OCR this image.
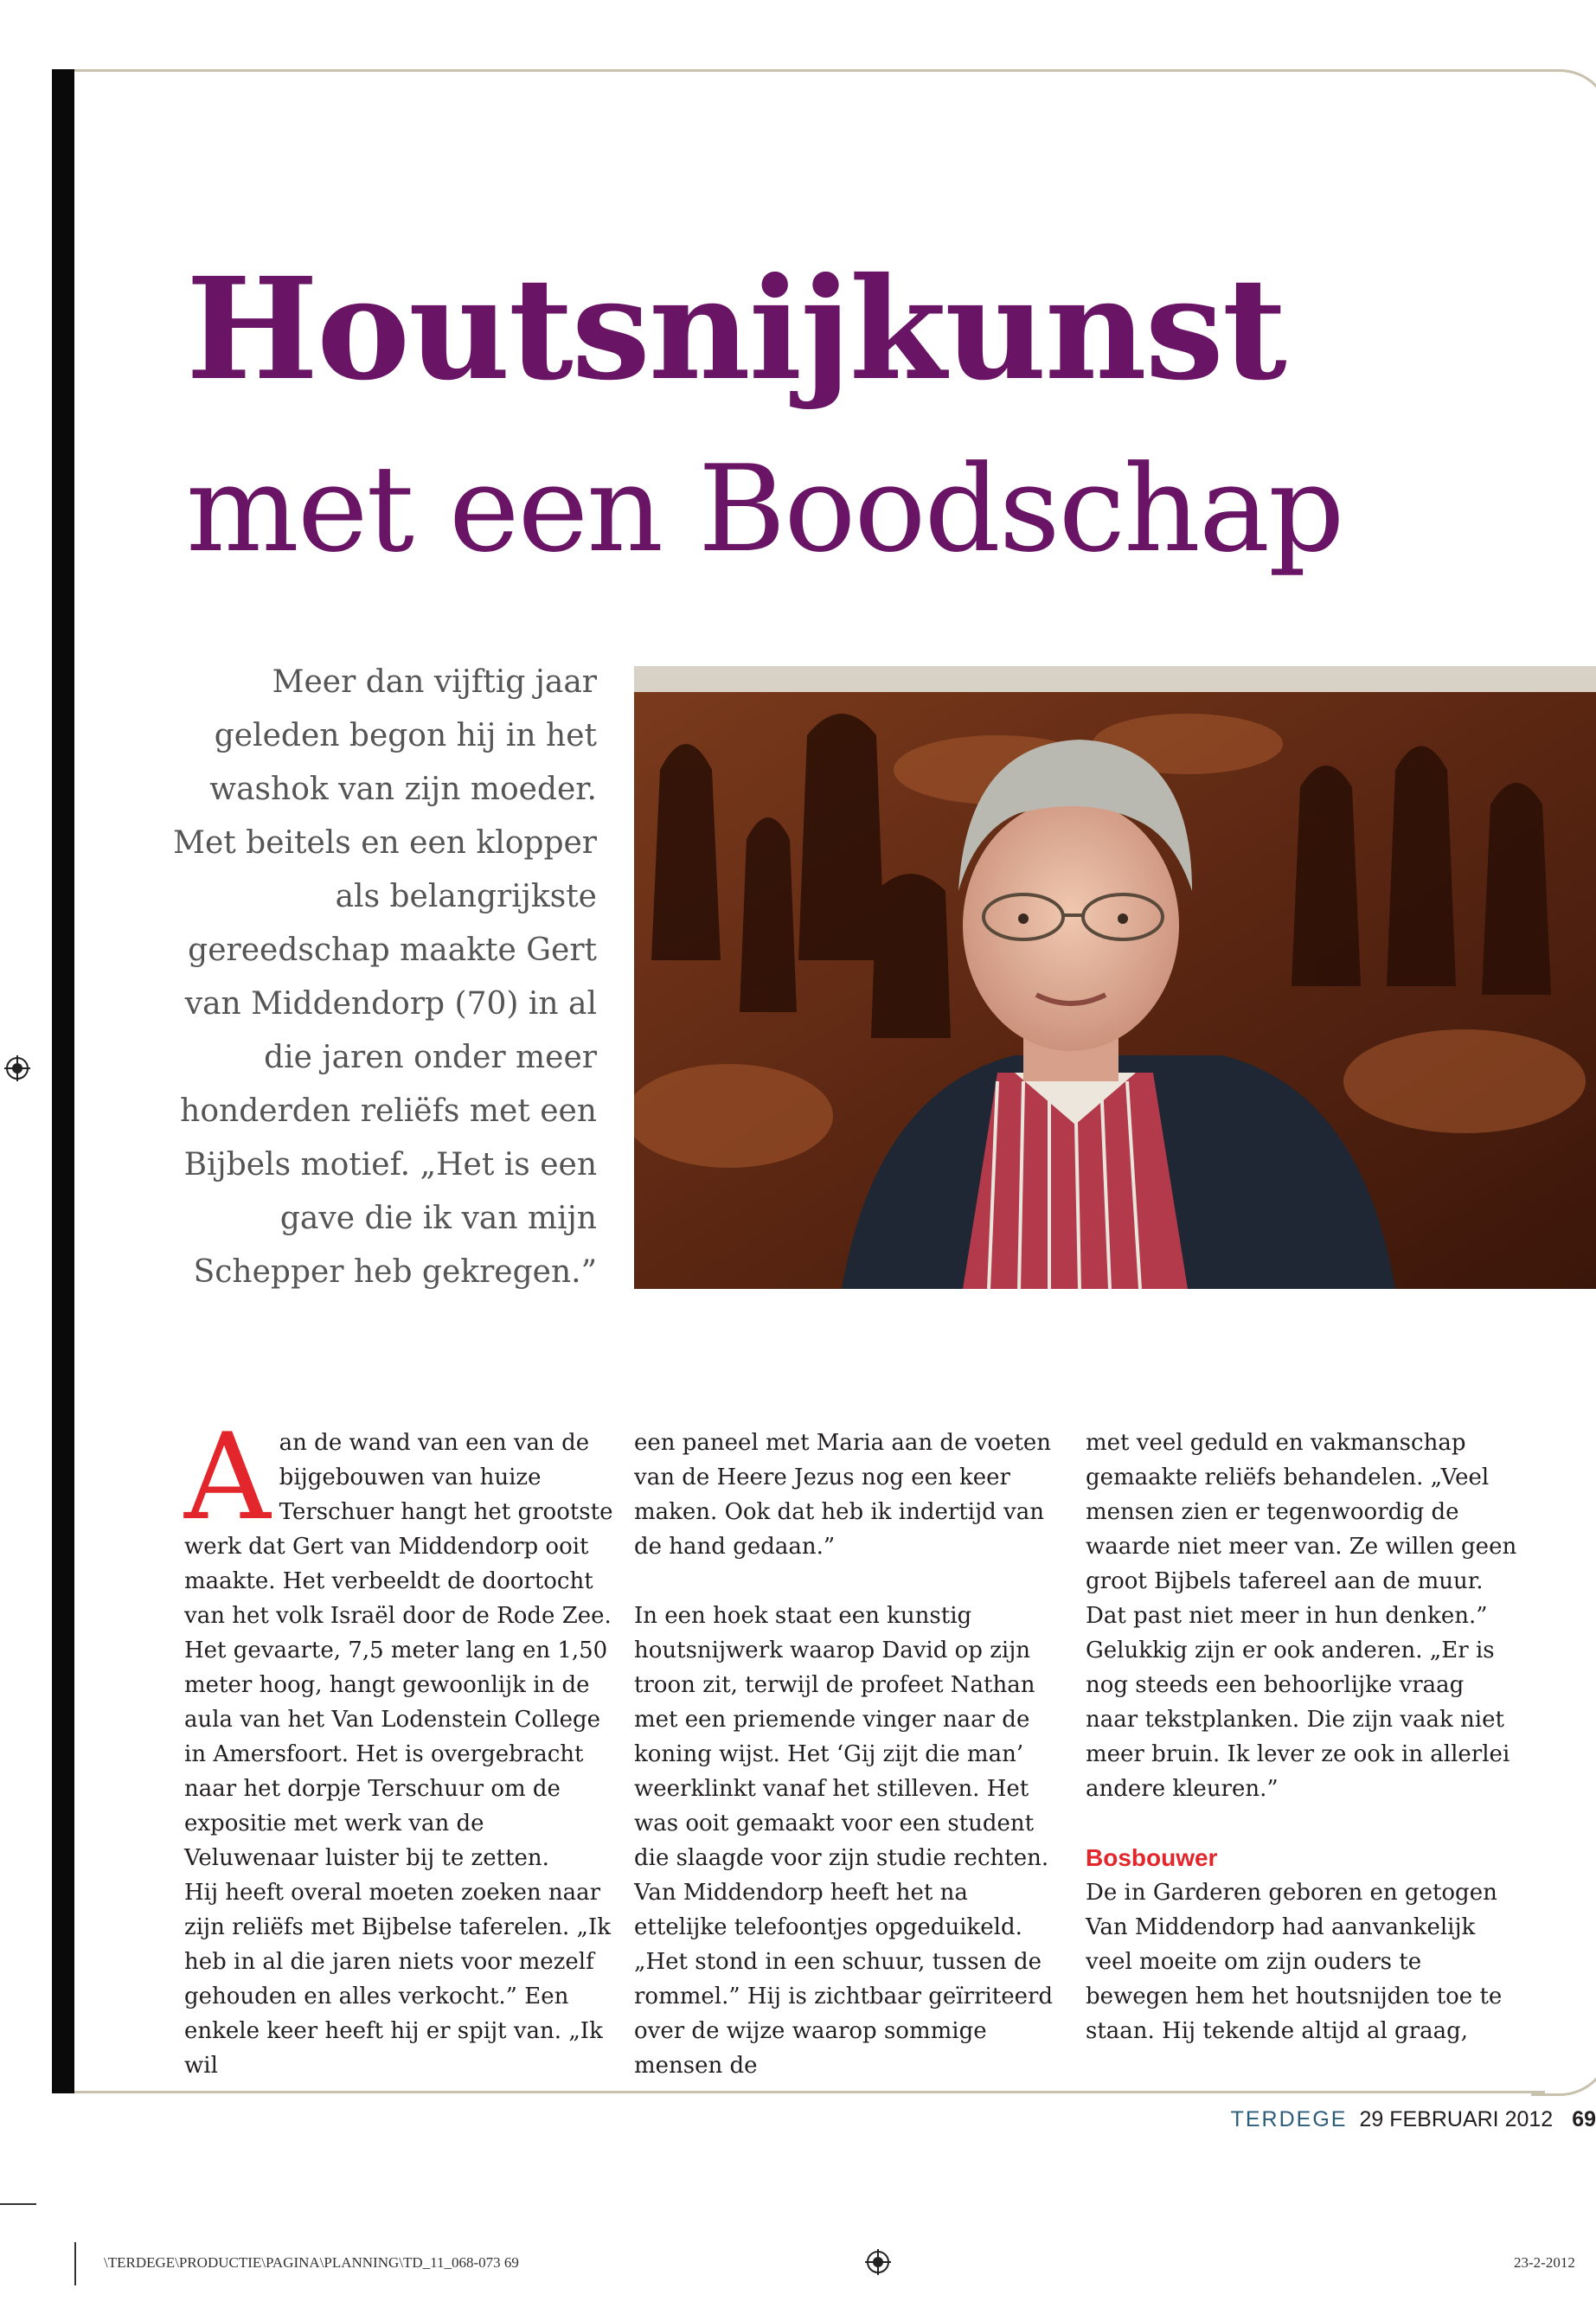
Houtsnijkunst
met een Boodschap
Meer dan vijftig jaar geleden begon hij in het washok van zijn moeder. Met beitels en een klopper als belangrijkste gereedschap maakte Gert van Middendorp (70) in al die jaren onder meer honderden reliëfs met een Bijbels motief. „Het is een gave die ik van mijn Schepper heb gekregen.”

Aan de wand van een van de bijgebouwen van huize Terschuer hangt het grootste werk dat Gert van Middendorp ooit maakte. Het verbeeldt de doortocht van het volk Israël door de Rode Zee. Het gevaarte, 7,5 meter lang en 1,50 meter hoog, hangt gewoonlijk in de aula van het Van Lodenstein College in Amersfoort. Het is overgebracht naar het dorpje Terschuur om de expositie met werk van de Veluwenaar luister bij te zetten.

Hij heeft overal moeten zoeken naar zijn reliëfs met Bijbelse taferelen. „Ik heb in al die jaren niets voor mezelf gehouden en alles verkocht.” Een enkele keer heeft hij er spijt van. „Ik wil

een paneel met Maria aan de voeten van de Heere Jezus nog een keer maken. Ook dat heb ik indertijd van de hand gedaan.”

In een hoek staat een kunstig houtsnijwerk waarop David op zijn troon zit, terwijl de profeet Nathan met een priemende vinger naar de koning wijst. Het ‘Gij zijt die man’ weerklinkt vanaf het stilleven. Het was ooit gemaakt voor een student die slaagde voor zijn studie rechten. Van Middendorp heeft het na ettelijke telefoontjes opgeduikeld. „Het stond in een schuur, tussen de rommel.” Hij is zichtbaar geïrriteerd over de wijze waarop sommige mensen de

met veel geduld en vakmanschap gemaakte reliëfs behandelen. „Veel mensen zien er tegenwoordig de waarde niet meer van. Ze willen geen groot Bijbels tafereel aan de muur. Dat past niet meer in hun denken.” Gelukkig zijn er ook anderen. „Er is nog steeds een behoorlijke vraag naar tekstplanken. Die zijn vaak niet meer bruin. Ik lever ze ook in allerlei andere kleuren.”

Bosbouwer

De in Garderen geboren en getogen Van Middendorp had aanvankelijk veel moeite om zijn ouders te bewegen hem het houtsnijden toe te staan. Hij tekende altijd al graag,

TERDEGE 29 FEBRUARI 2012 69
\TERDEGE\PRODUCTIE\PAGINA\PLANNING\TD_11_068-073 69	23-2-2012
